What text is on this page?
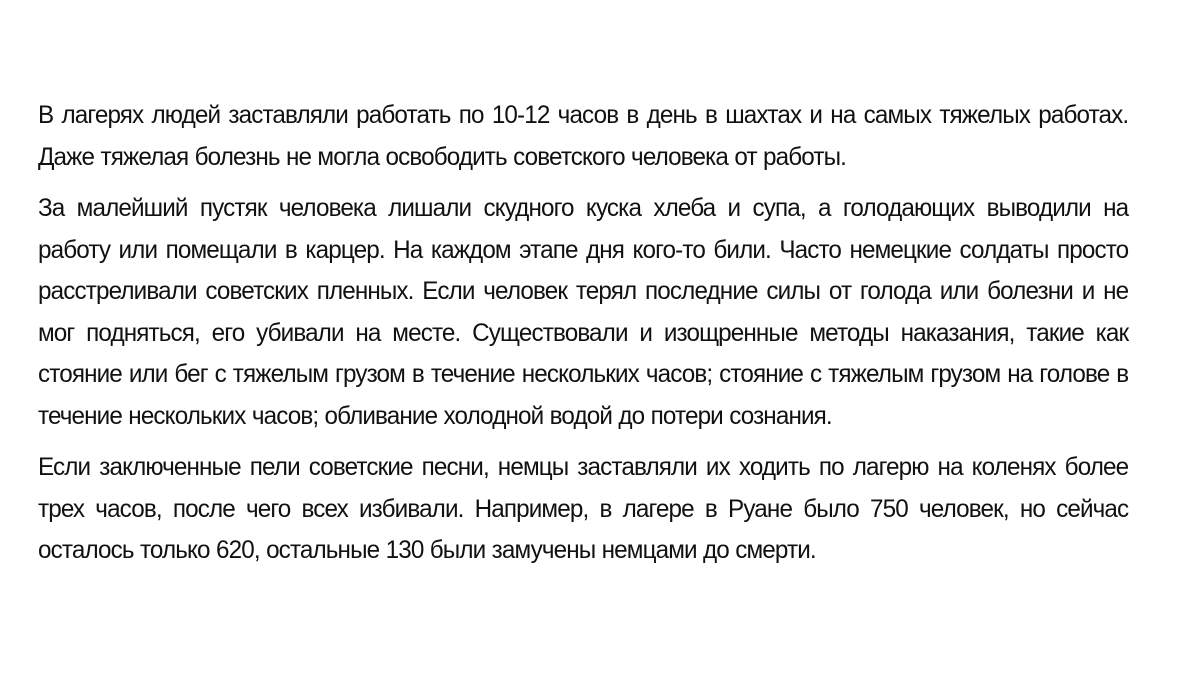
В лагерях людей заставляли работать по 10-12 часов в день в шахтах и на самых тяжелых работах. Даже тяжелая болезнь не могла освободить советского человека от работы.

За малейший пустяк человека лишали скудного куска хлеба и супа, а голодающих выводили на работу или помещали в карцер. На каждом этапе дня кого-то били. Часто немецкие солдаты просто расстреливали советских пленных. Если человек терял последние силы от голода или болезни и не мог подняться, его убивали на месте. Существовали и изощренные методы наказания, такие как стояние или бег с тяжелым грузом в течение нескольких часов; стояние с тяжелым грузом на голове в течение нескольких часов; обливание холодной водой до потери сознания.

Если заключенные пели советские песни, немцы заставляли их ходить по лагерю на коленях более трех часов, после чего всех избивали. Например, в лагере в Руане было 750 человек, но сейчас осталось только 620, остальные 130 были замучены немцами до смерти.
